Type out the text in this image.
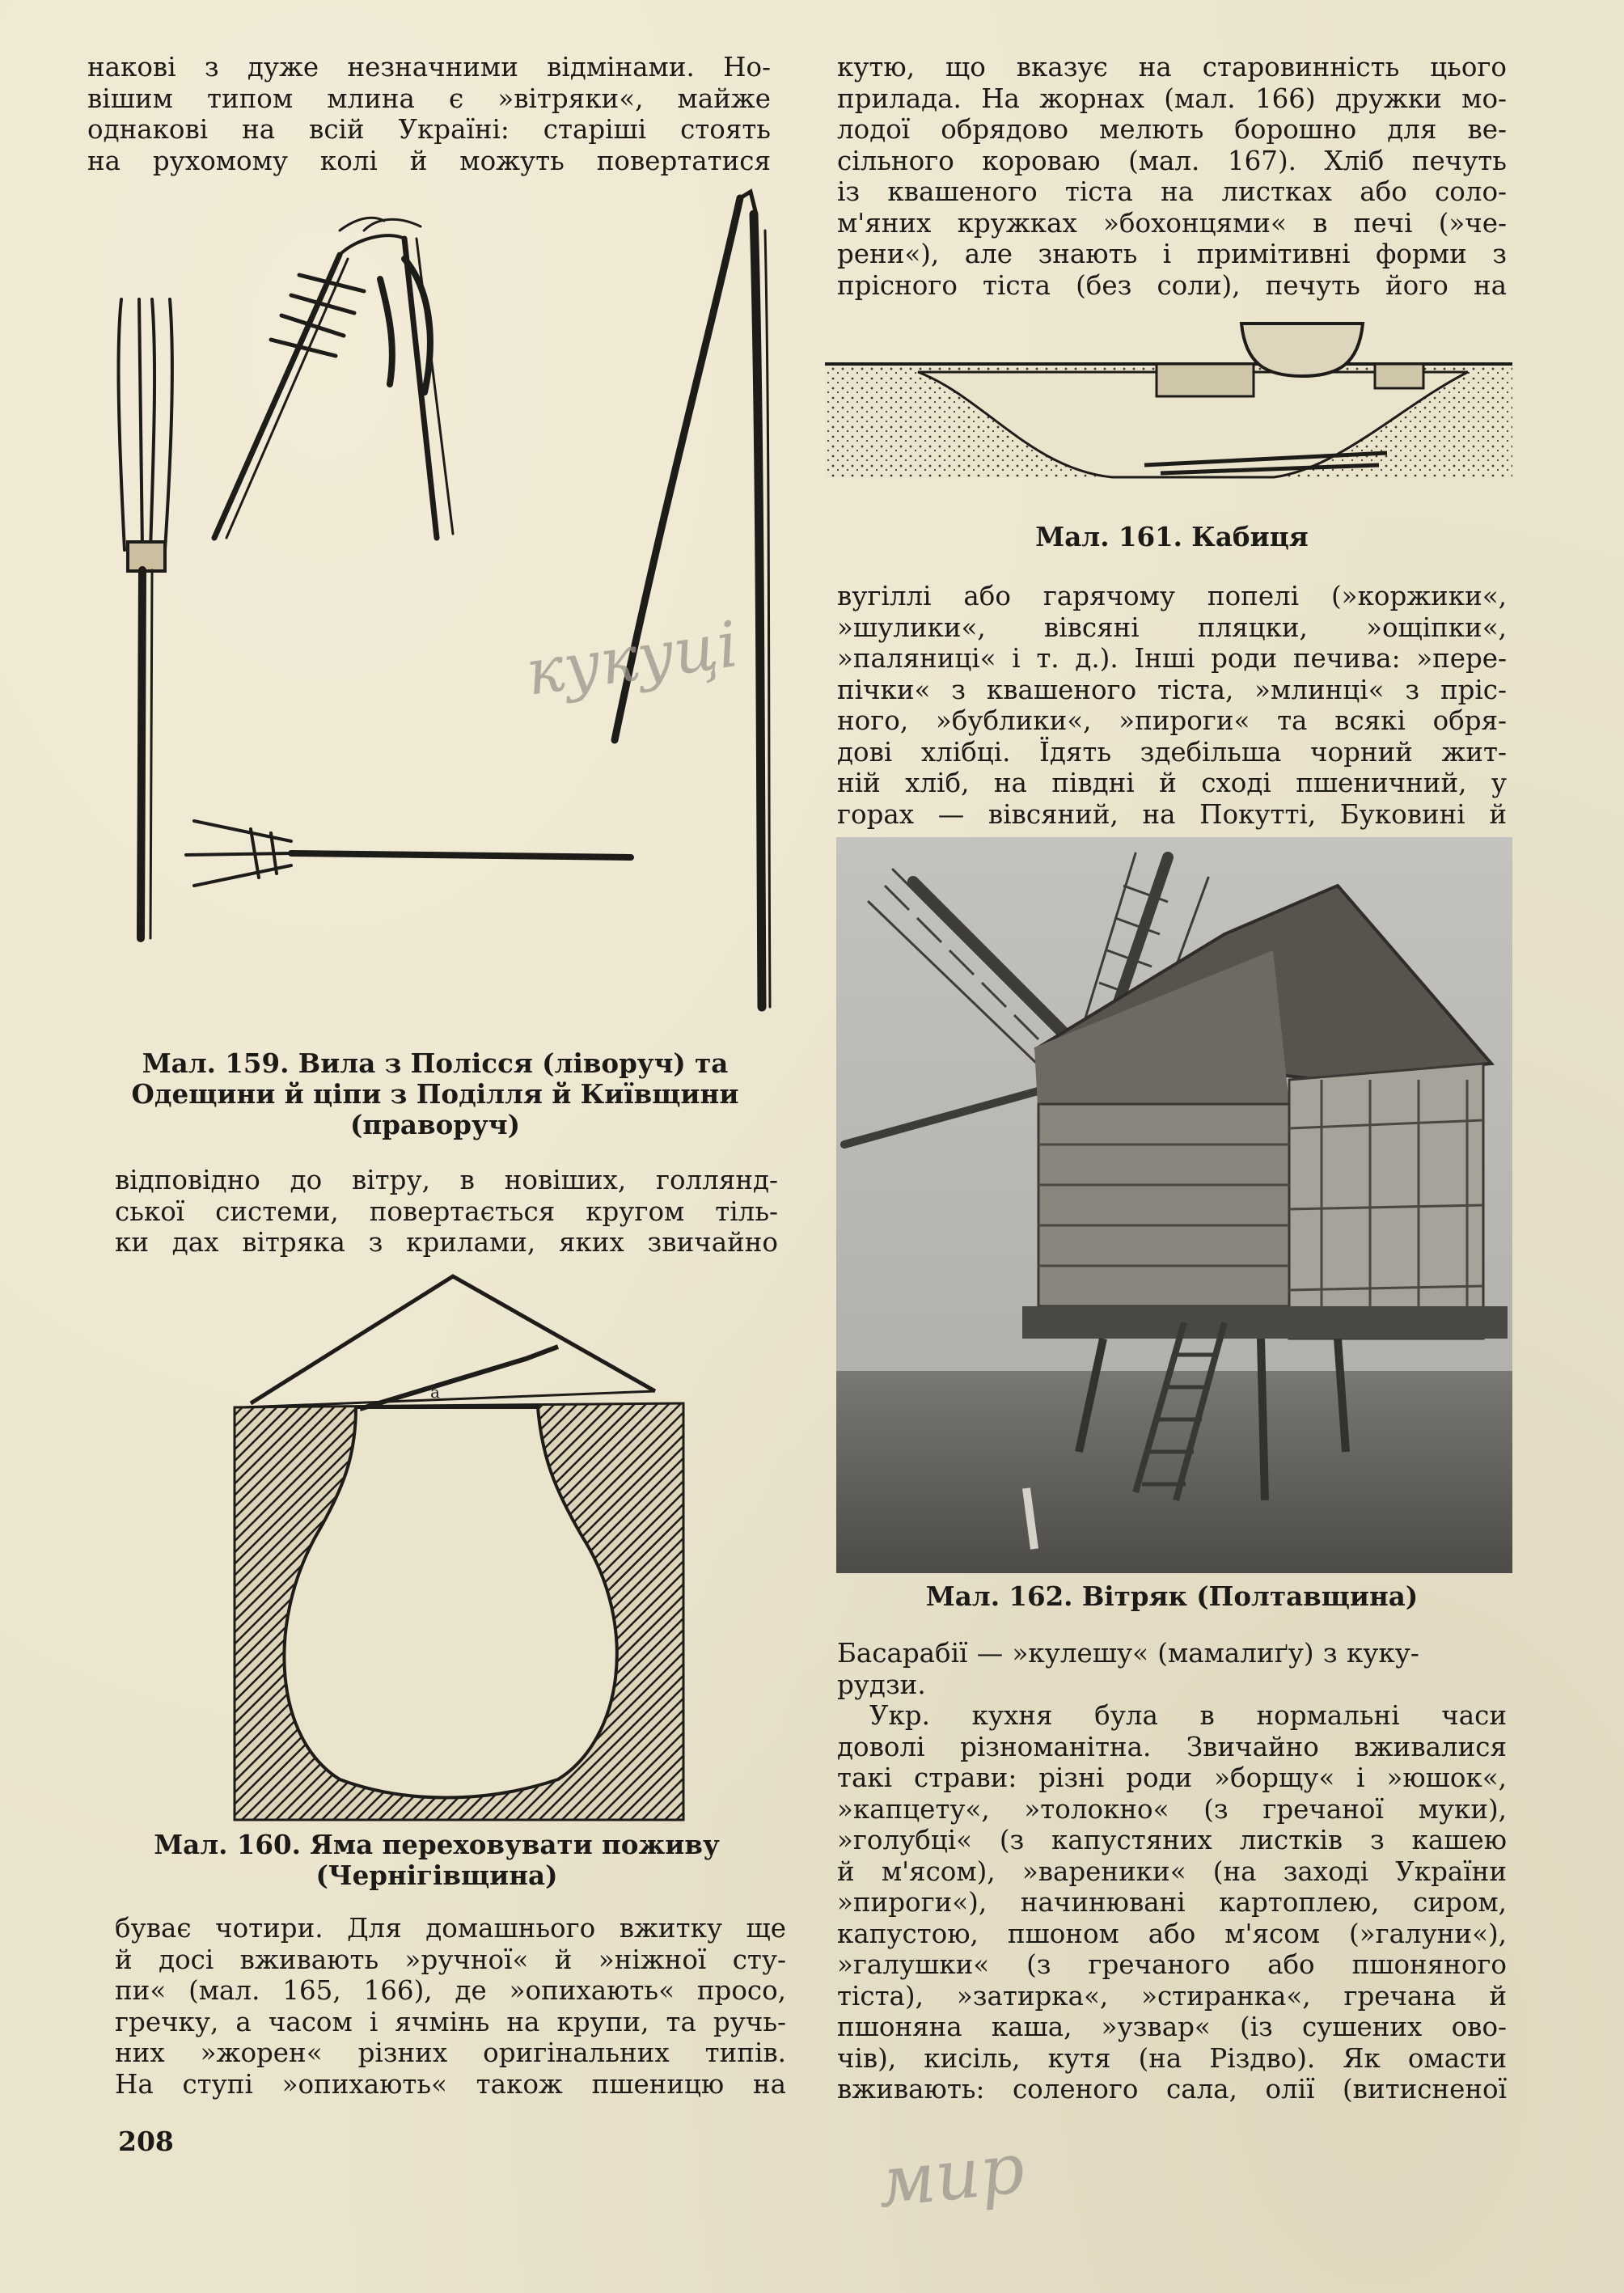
накові з дуже незначними відмінами. Но-
вішим типом млина є »вітряки«, майже
однакові на всій Україні: старіші стоять
на рухомому колі й можуть повертатися

Мал. 159. Вила з Полісся (ліворуч) та
Одещини й ціпи з Поділля й Київщини
(праворуч)

відповідно до вітру, в новіших, голлянд-
ської системи, повертається кругом тіль-
ки дах вітряка з крилами, яких звичайно

a

Мал. 160. Яма переховувати поживу
(Чернігівщина)

буває чотири. Для домашнього вжитку ще
й досі вживають »ручної« й »ніжної сту-
пи« (мал. 165, 166), де »опихають« просо,
гречку, а часом і ячмінь на крупи, та ручь-
них »жорен« різних оригінальних типів.
На ступі »опихають« також пшеницю на

208

кутю, що вказує на старовинність цього
прилада. На жорнах (мал. 166) дружки мо-
лодої обрядово мелють борошно для ве-
сільного короваю (мал. 167). Хліб печуть
із квашеного тіста на листках або соло-
м'яних кружках »бохонцями« в печі (»че-
рени«), але знають і примітивні форми з
прісного тіста (без соли), печуть його на

Мал. 161. Кабиця

вугіллі або гарячому попелі (»коржики«,
»шулики«, вівсяні пляцки, »ощіпки«,
»паляниці« і т. д.). Інші роди печива: »пере-
пічки« з квашеного тіста, »млинці« з пріс-
ного, »бублики«, »пироги« та всякі обря-
дові хлібці. Їдять здебільша чорний жит-
ній хліб, на півдні й сході пшеничний, у
горах — вівсяний, на Покутті, Буковині й

Мал. 162. Вітряк (Полтавщина)

Басарабії — »кулешу« (мамалиґу) з куку-
рудзи.

Укр. кухня була в нормальні часи
доволі різноманітна. Звичайно вживалися
такі страви: різні роди »борщу« і »юшок«,
»капцету«, »толокно« (з гречаної муки),
»голубці« (з капустяних листків з кашею
й м'ясом), »вареники« (на заході України
»пироги«), начинювані картоплею, сиром,
капустою, пшоном або м'ясом (»галуни«),
»галушки« (з гречаного або пшоняного
тіста), »затирка«, »стиранка«, гречана й
пшоняна каша, »узвар« (із сушених ово-
чів), кисіль, кутя (на Різдво). Як омасти
вживають: соленого сала, олії (витисненої

кукуці
мир
